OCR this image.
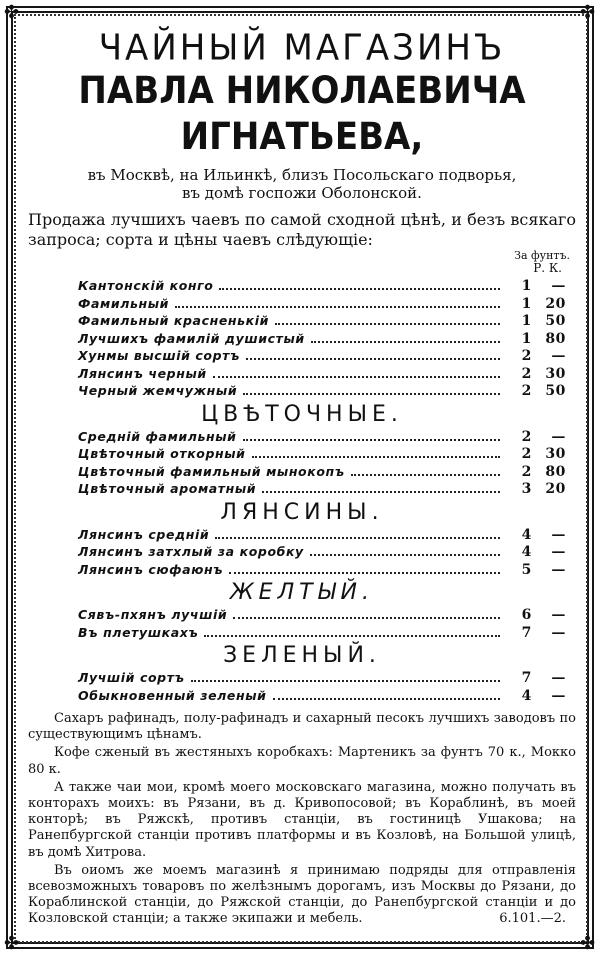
✤	✤
✤	✤
ЧАЙНЫЙ МАГАЗИНЪ
ПАВЛА НИКОЛАЕВИЧА ИГНАТЬЕВА,
въ Москвѣ, на Ильинкѣ, близъ Посольскаго подворья,
въ домѣ госпожи Оболонской.
Продажа лучшихъ чаевъ по самой сходной цѣнѣ, и безъ всякаго запроса; сорта и цѣны чаевъ слѣдующіе:
За фунтъ.
Р. К.
Кантонскій конго	1 —
Фамильный	1 20
Фамильный красненькій	1 50
Лучшихъ фамилій душистый	1 80
Хунмы высшій сортъ	2 —
Лянсинъ черный	2 30
Черный жемчужный	2 50
ЦВѢТОЧНЫЕ.
Средній фамильный	2 —
Цвѣточный откорный	2 30
Цвѣточный фамильный мынокопъ	2 80
Цвѣточный ароматный	3 20
ЛЯНСИНЫ.
Лянсинъ средній	4 —
Лянсинъ затхлый за коробку	4 —
Лянсинъ сюфаюнъ	5 —
ЖЕЛТЫЙ.
Сявъ-пхянъ лучшій	6 —
Въ плетушкахъ	7 —
ЗЕЛЕНЫЙ.
Лучшій сортъ	7 —
Обыкновенный зеленый	4 —
Сахаръ рафинадъ, полу-рафинадъ и сахарный песокъ лучшихъ заводовъ по существующимъ цѣнамъ.
Кофе сженый въ жестяныхъ коробкахъ: Мартеникъ за фунтъ 70 к., Мокко 80 к.
А также чаи мои, кромѣ моего московскаго магазина, можно получать въ конторахъ моихъ: въ Рязани, въ д. Кривопосовой; въ Кораблинѣ, въ моей конторѣ; въ Ряжскѣ, противъ станціи, въ гостиницѣ Ушакова; на Ранепбургской станціи противъ платформы и въ Козловѣ, на Большой улицѣ, въ домѣ Хитрова.
Въ оиомъ же моемъ магазинѣ я принимаю подряды для отправленія всевозможныхъ товаровъ по желѣзнымъ дорогамъ, изъ Москвы до Рязани, до Кораблинской станціи, до Ряжской станціи, до Ранепбургской станціи и до Козловской станціи; а также экипажи и мебель.	6.101.—2.
